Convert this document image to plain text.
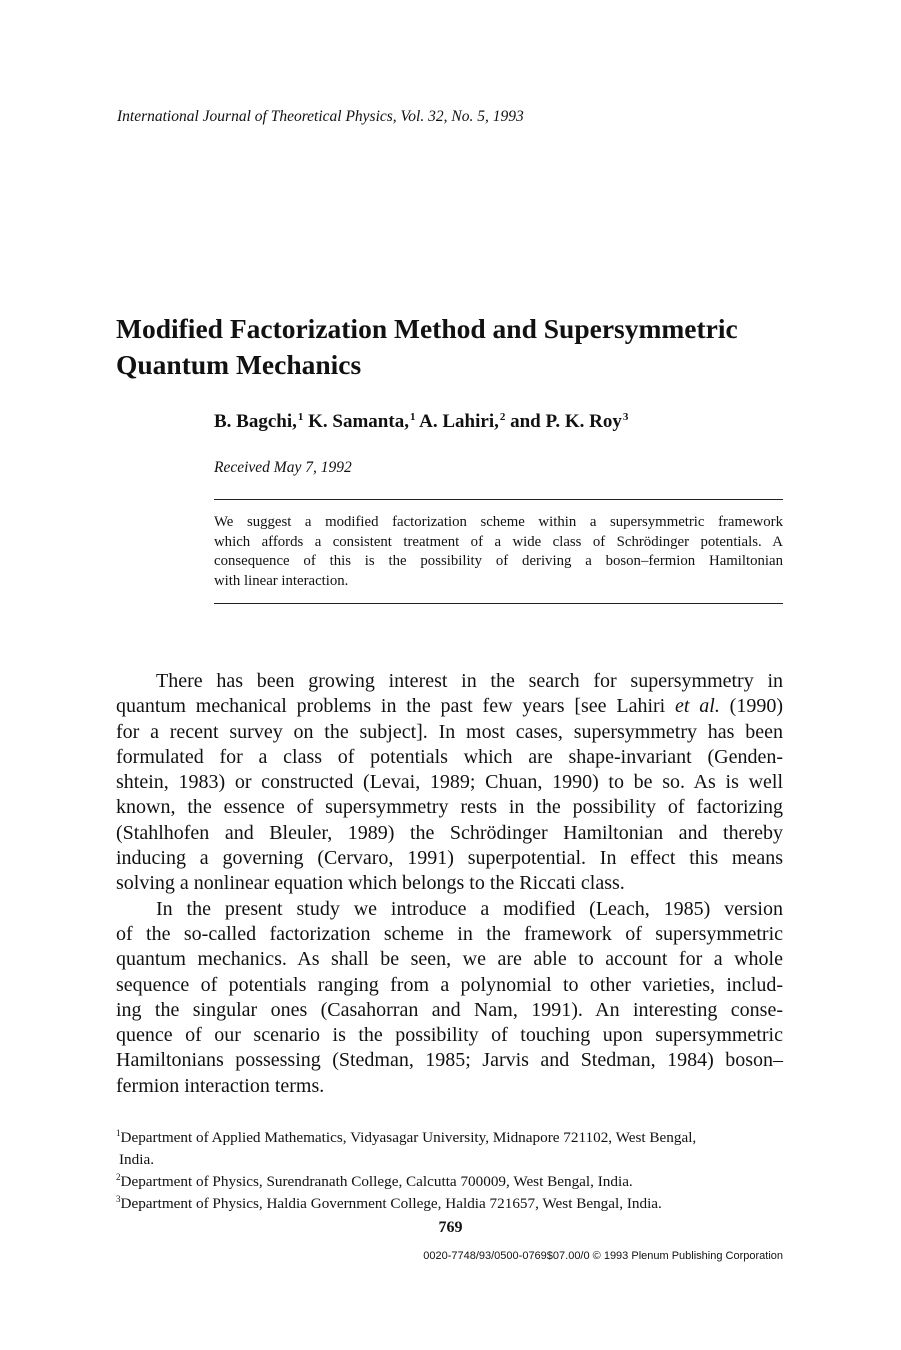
International Journal of Theoretical Physics, Vol. 32, No. 5, 1993
Modified Factorization Method and Supersymmetric
Quantum Mechanics
B. Bagchi,$^1$ K. Samanta,$^1$ A. Lahiri,$^2$ and P. K. Roy$^3$
Received May 7, 1992
We suggest a modified factorization scheme within a supersymmetric framework
which affords a consistent treatment of a wide class of Schrödinger potentials. A
consequence of this is the possibility of deriving a boson–fermion Hamiltonian
with linear interaction.
There has been growing interest in the search for supersymmetry in
quantum mechanical problems in the past few years [see Lahiri et al. (1990)
for a recent survey on the subject]. In most cases, supersymmetry has been
formulated for a class of potentials which are shape-invariant (Genden-
shtein, 1983) or constructed (Levai, 1989; Chuan, 1990) to be so. As is well
known, the essence of supersymmetry rests in the possibility of factorizing
(Stahlhofen and Bleuler, 1989) the Schrödinger Hamiltonian and thereby
inducing a governing (Cervaro, 1991) superpotential. In effect this means
solving a nonlinear equation which belongs to the Riccati class.
In the present study we introduce a modified (Leach, 1985) version
of the so-called factorization scheme in the framework of supersymmetric
quantum mechanics. As shall be seen, we are able to account for a whole
sequence of potentials ranging from a polynomial to other varieties, includ-
ing the singular ones (Casahorran and Nam, 1991). An interesting conse-
quence of our scenario is the possibility of touching upon supersymmetric
Hamiltonians possessing (Stedman, 1985; Jarvis and Stedman, 1984) boson–
fermion interaction terms.
$^1$Department of Applied Mathematics, Vidyasagar University, Midnapore 721102, West Bengal,
India.
$^2$Department of Physics, Surendranath College, Calcutta 700009, West Bengal, India.
$^3$Department of Physics, Haldia Government College, Haldia 721657, West Bengal, India.
769
0020-7748/93/0500-0769$07.00/0 © 1993 Plenum Publishing Corporation
